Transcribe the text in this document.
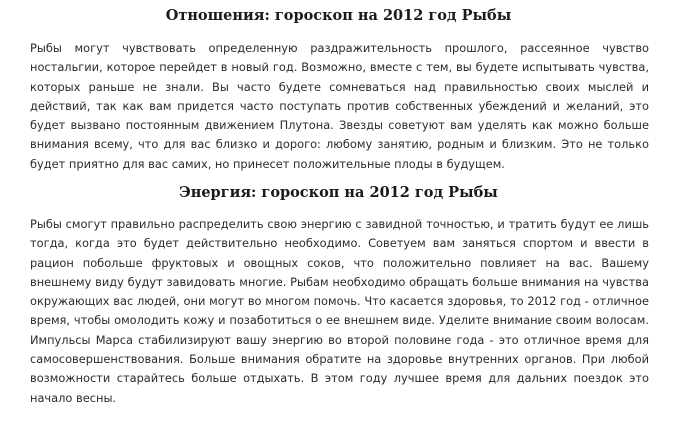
Отношения: гороскоп на 2012 год Рыбы

Рыбы могут чувствовать определенную раздражительность прошлого, рассеянное чувство ностальгии, которое перейдет в новый год. Возможно, вместе с тем, вы будете испытывать чувства, которых раньше не знали. Вы часто будете сомневаться над правильностью своих мыслей и действий, так как вам придется часто поступать против собственных убеждений и желаний, это будет вызвано постоянным движением Плутона. Звезды советуют вам уделять как можно больше внимания всему, что для вас близко и дорого: любому занятию, родным и близким. Это не только будет приятно для вас самих, но принесет положительные плоды в будущем.

Энергия: гороскоп на 2012 год Рыбы

Рыбы смогут правильно распределить свою энергию с завидной точностью, и тратить будут ее лишь тогда, когда это будет действительно необходимо. Советуем вам заняться спортом и ввести в рацион побольше фруктовых и овощных соков, что положительно повлияет на вас. Вашему внешнему виду будут завидовать многие. Рыбам необходимо обращать больше внимания на чувства окружающих вас людей, они могут во многом помочь. Что касается здоровья, то 2012 год - отличное время, чтобы омолодить кожу и позаботиться о ее внешнем виде. Уделите внимание своим волосам. Импульсы Марса стабилизируют вашу энергию во второй половине года - это отличное время для самосовершенствования. Больше внимания обратите на здоровье внутренних органов. При любой возможности старайтесь больше отдыхать. В этом году лучшее время для дальних поездок это начало весны.
